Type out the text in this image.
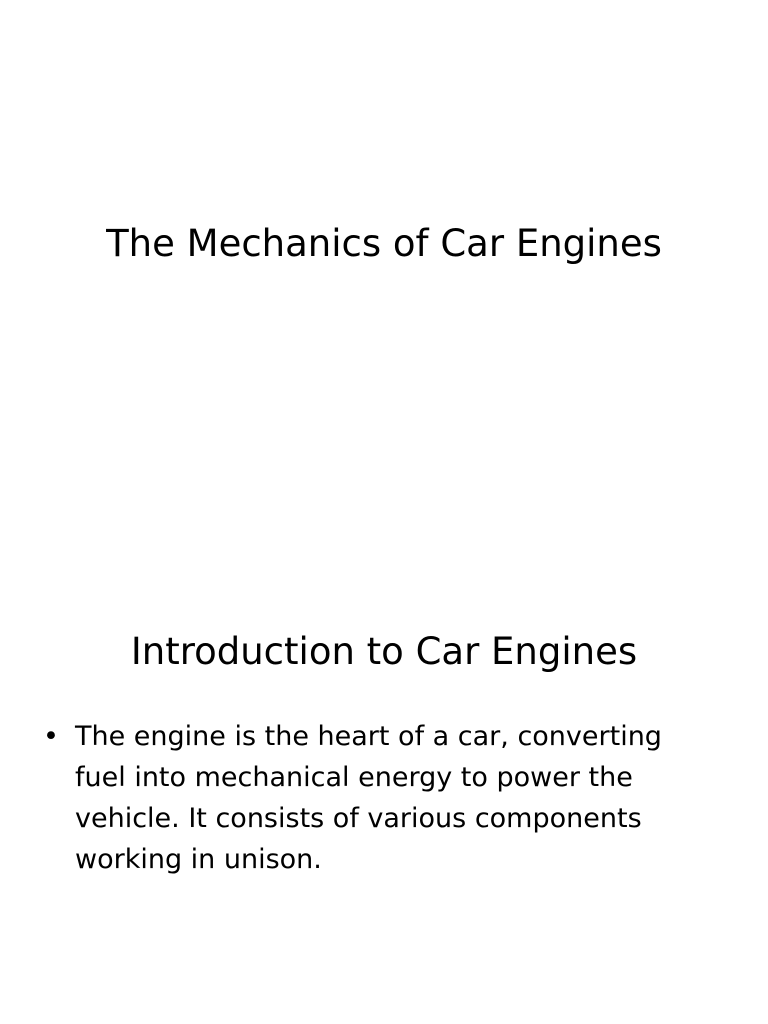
The Mechanics of Car Engines
Introduction to Car Engines
• The engine is the heart of a car, converting fuel into mechanical energy to power the vehicle. It consists of various components working in unison.
